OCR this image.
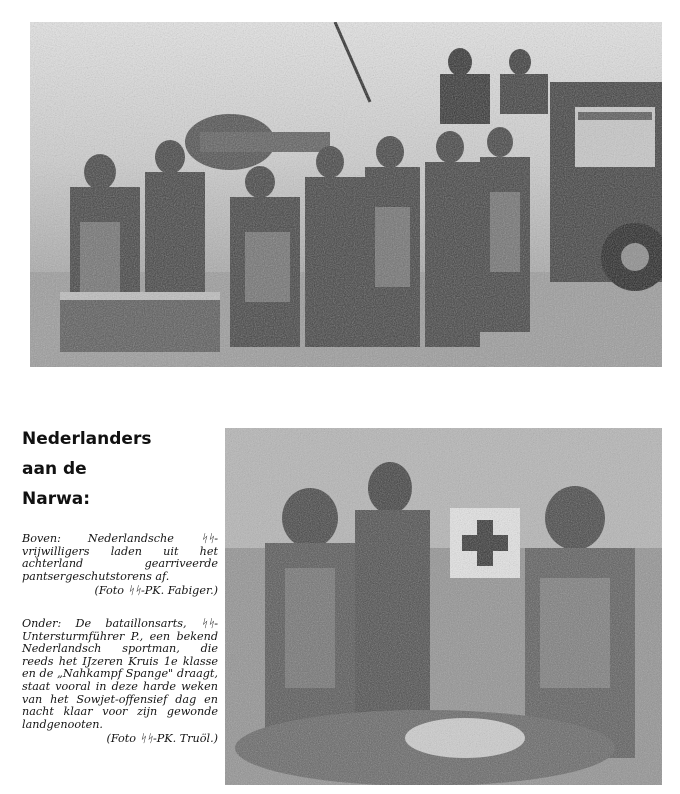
Nederlanders
aan de
Narwa:
Boven: Nederlandsche ᛋᛋ-vrijwilligers laden uit het achterland gearriveerde pantsergeschutstorens af.
(Foto ᛋᛋ-PK. Fabiger.)
Onder: De bataillonsarts, ᛋᛋ-Untersturmführer P., een bekend Nederlandsch sportman, die reeds het IJzeren Kruis 1e klasse en de „Nahkampf Spange" draagt, staat vooral in deze harde weken van het Sowjet-offensief dag en nacht klaar voor zijn gewonde landgenooten.
(Foto ᛋᛋ-PK. Truöl.)
